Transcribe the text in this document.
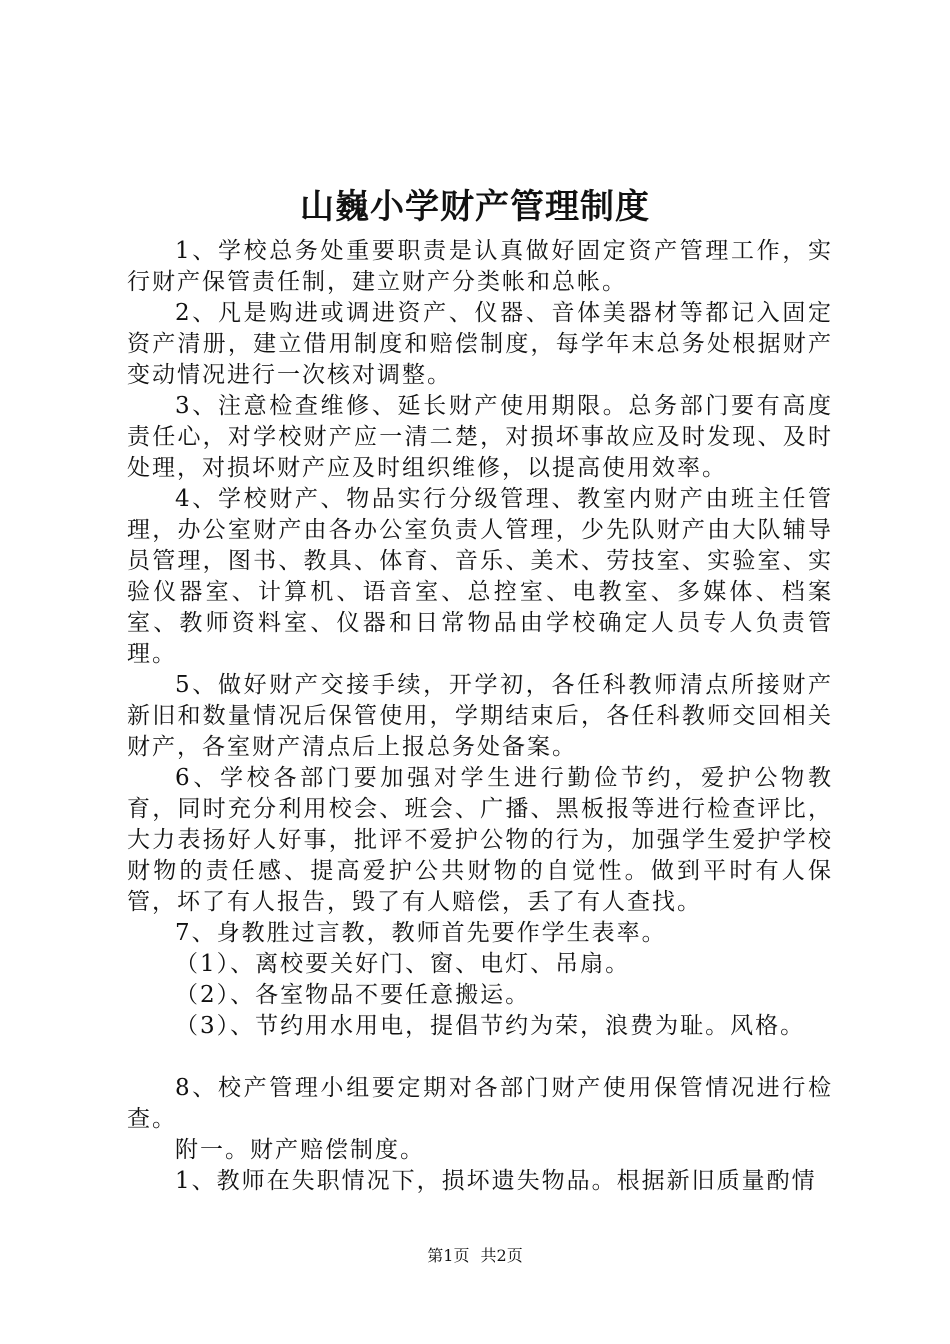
山巍小学财产管理制度

1、学校总务处重要职责是认真做好固定资产管理工作，实行财产保管责任制，建立财产分类帐和总帐。

2、凡是购进或调进资产、仪器、音体美器材等都记入固定资产清册，建立借用制度和赔偿制度，每学年末总务处根据财产变动情况进行一次核对调整。

3、注意检查维修、延长财产使用期限。总务部门要有高度责任心，对学校财产应一清二楚，对损坏事故应及时发现、及时处理，对损坏财产应及时组织维修，以提高使用效率。

4、学校财产、物品实行分级管理、教室内财产由班主任管理，办公室财产由各办公室负责人管理，少先队财产由大队辅导员管理，图书、教具、体育、音乐、美术、劳技室、实验室、实验仪器室、计算机、语音室、总控室、电教室、多媒体、档案室、教师资料室、仪器和日常物品由学校确定人员专人负责管理。

5、做好财产交接手续，开学初，各任科教师清点所接财产新旧和数量情况后保管使用，学期结束后，各任科教师交回相关财产，各室财产清点后上报总务处备案。

6、学校各部门要加强对学生进行勤俭节约，爱护公物教育，同时充分利用校会、班会、广播、黑板报等进行检查评比，大力表扬好人好事，批评不爱护公物的行为，加强学生爱护学校财物的责任感、提高爱护公共财物的自觉性。做到平时有人保管，坏了有人报告，毁了有人赔偿，丢了有人查找。

7、身教胜过言教，教师首先要作学生表率。

（1）、离校要关好门、窗、电灯、吊扇。

（2）、各室物品不要任意搬运。

（3）、节约用水用电，提倡节约为荣，浪费为耻。风格。

8、校产管理小组要定期对各部门财产使用保管情况进行检查。

附一。财产赔偿制度。

1、教师在失职情况下，损坏遗失物品。根据新旧质量酌情

第1页 共2页
